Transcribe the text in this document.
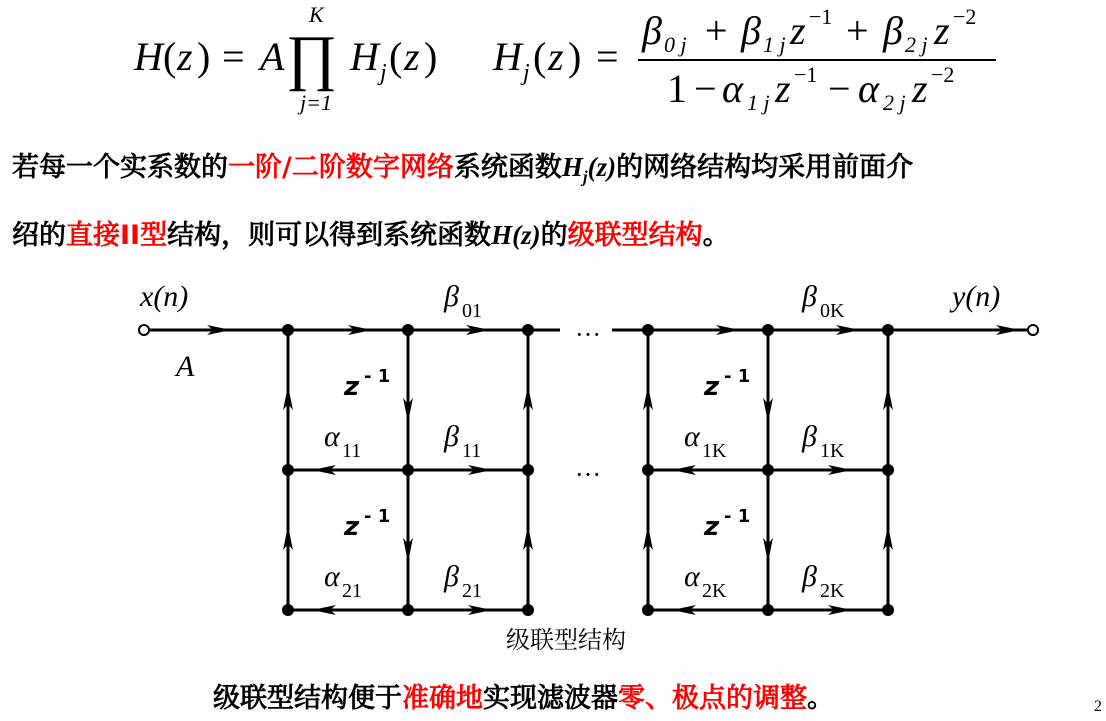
H ( z ) = A ∏
K
j=1
H j ( z ) H j ( z ) =
β 0 j + β 1 j z −1 + β 2 j z −2
1 − α 1 j z −1 − α 2 j z −2
x(n)	y(n)
A
···
···
z - 1
z - 1
z - 1
z - 1
β 01
β 11
β 21
α 11
α 21
β 0K
β 1K
β 2K
α 1K
α 2K
若每一个实系数的一阶/二阶数字网络系统函数$H_j(z)$的网络结构均采用前面介
绍的直接II型结构，则可以得到系统函数H(z)的级联型结构。
级联型结构
级联型结构便于准确地实现滤波器零、极点的调整。	2
